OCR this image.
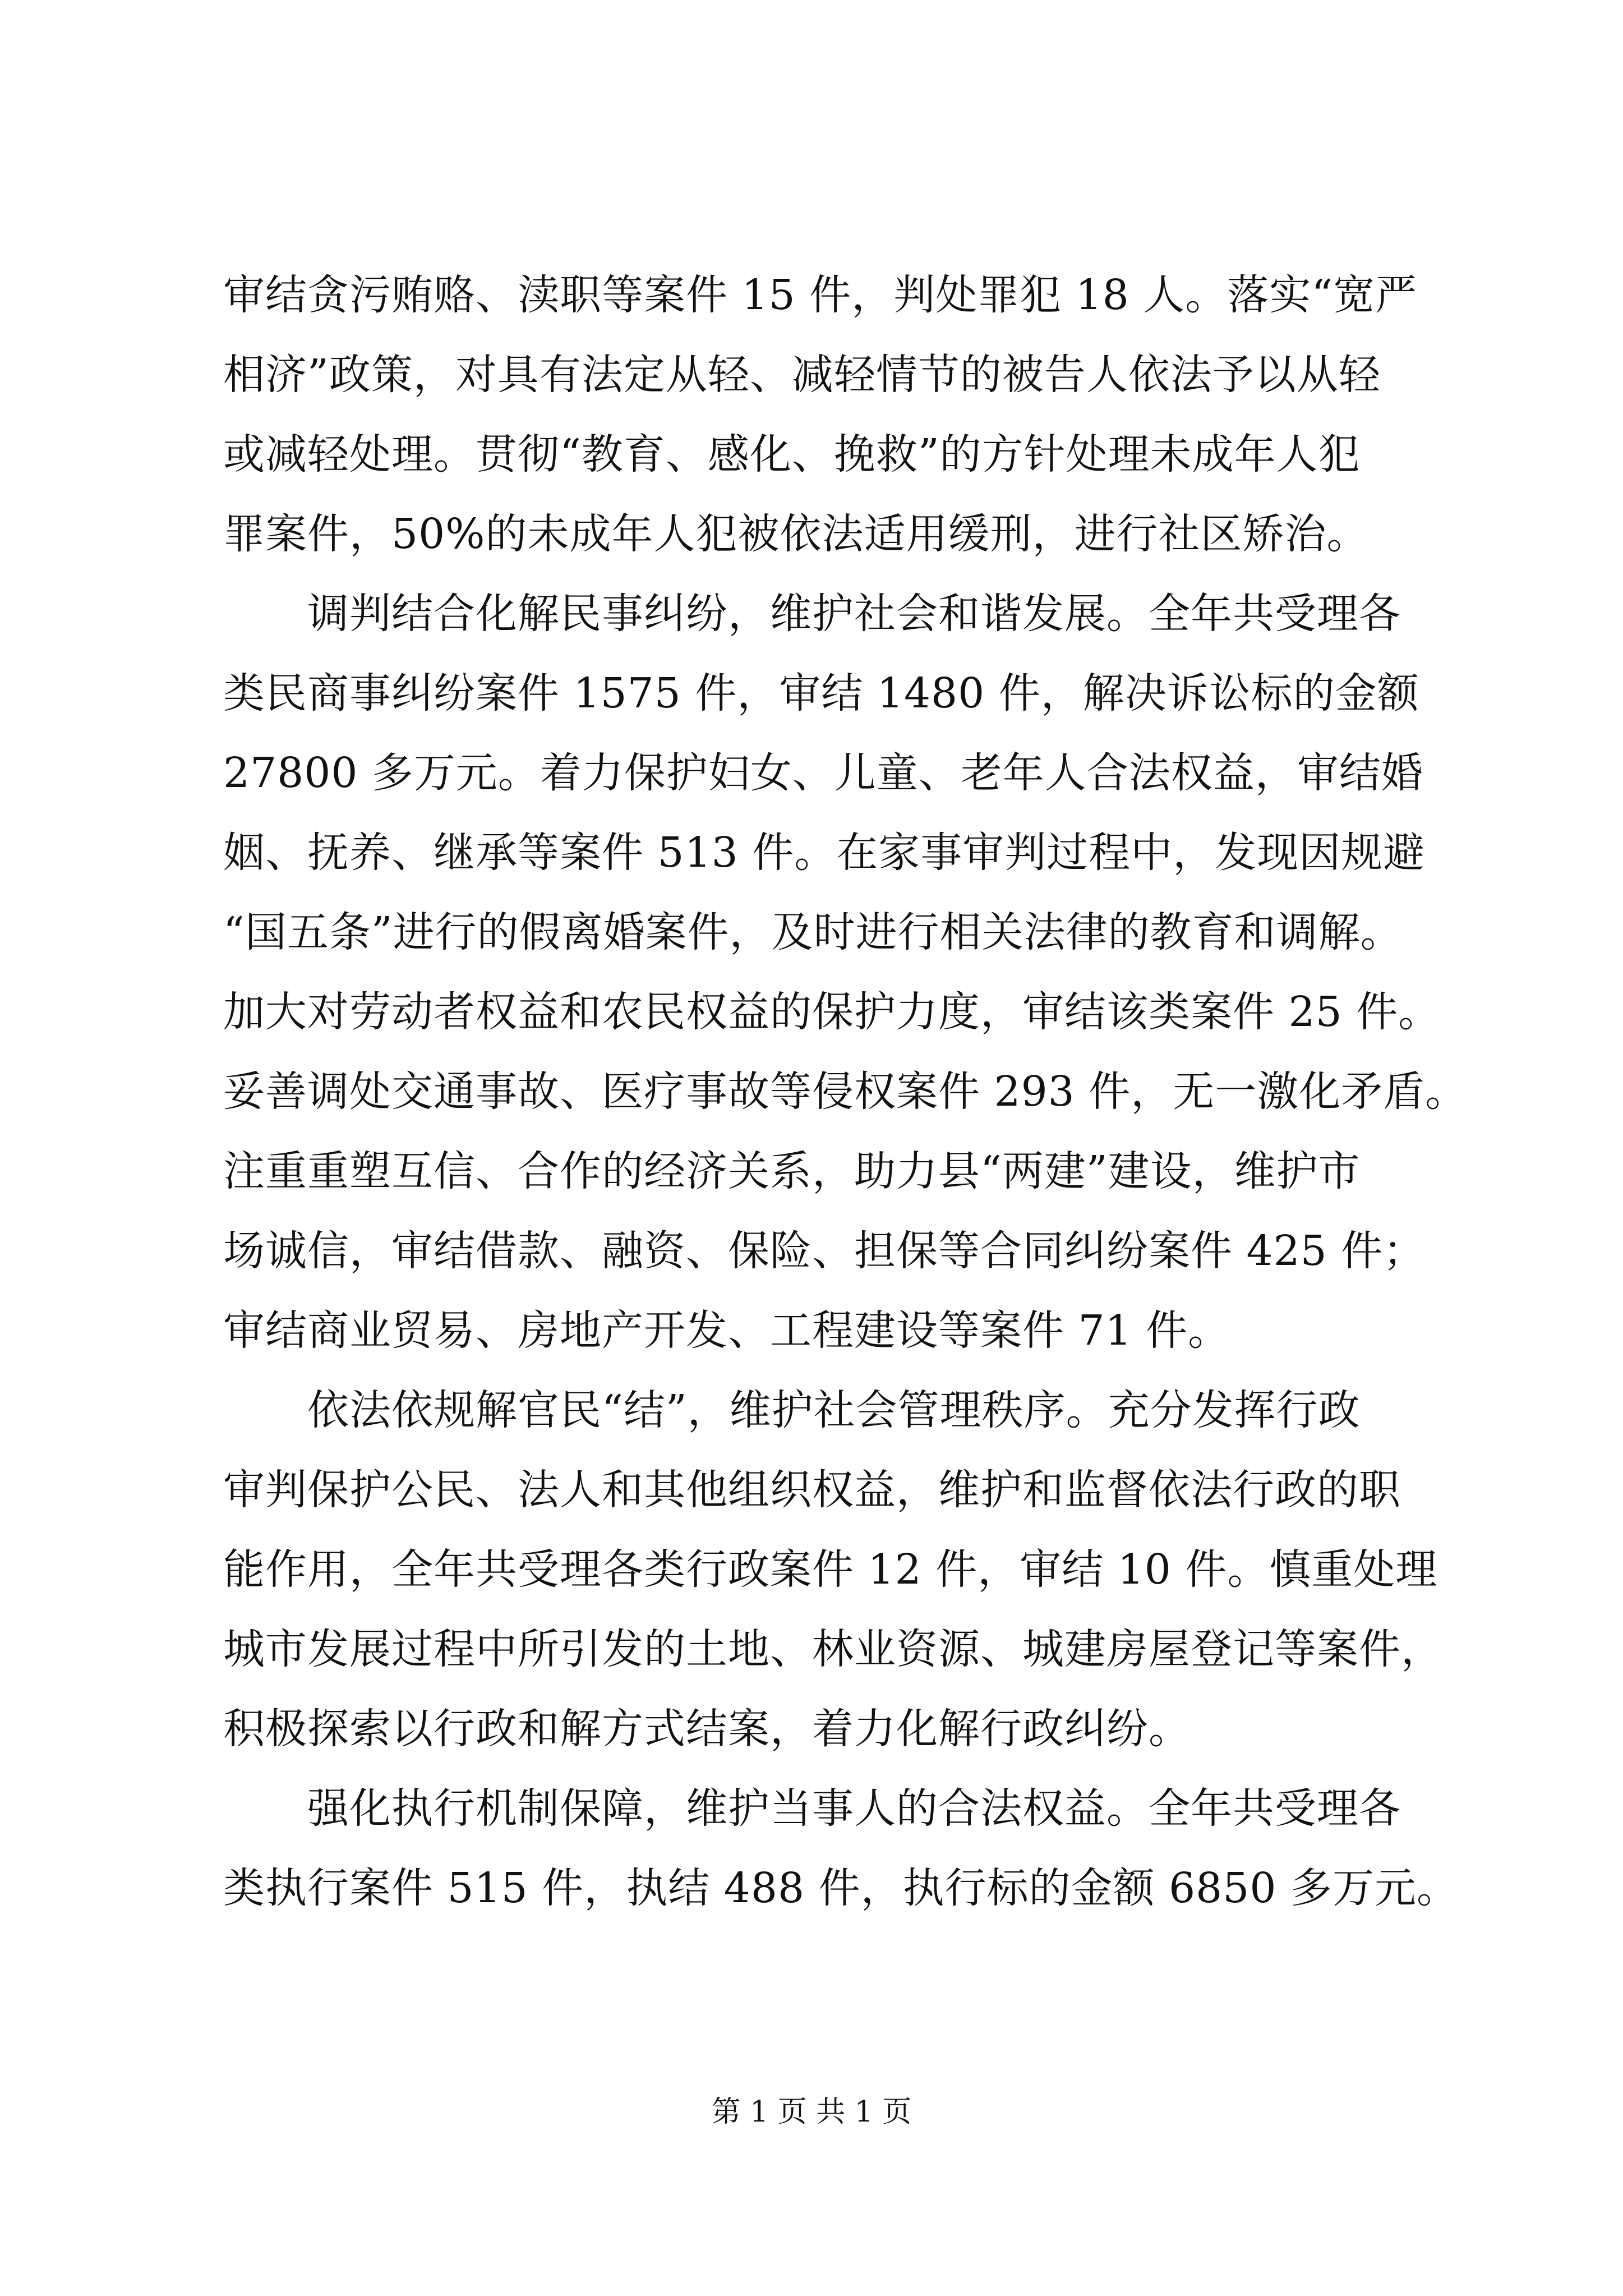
审结贪污贿赂、渎职等案件 15 件，判处罪犯 18 人。落实“宽严
相济”政策，对具有法定从轻、减轻情节的被告人依法予以从轻
或减轻处理。贯彻“教育、感化、挽救”的方针处理未成年人犯
罪案件，50%的未成年人犯被依法适用缓刑，进行社区矫治。
调判结合化解民事纠纷，维护社会和谐发展。全年共受理各
类民商事纠纷案件 1575 件，审结 1480 件，解决诉讼标的金额
27800 多万元。着力保护妇女、儿童、老年人合法权益，审结婚
姻、抚养、继承等案件 513 件。在家事审判过程中，发现因规避
“国五条”进行的假离婚案件，及时进行相关法律的教育和调解。
加大对劳动者权益和农民权益的保护力度，审结该类案件 25 件。
妥善调处交通事故、医疗事故等侵权案件 293 件，无一激化矛盾。
注重重塑互信、合作的经济关系，助力县“两建”建设，维护市
场诚信，审结借款、融资、保险、担保等合同纠纷案件 425 件；
审结商业贸易、房地产开发、工程建设等案件 71 件。
依法依规解官民“结”，维护社会管理秩序。充分发挥行政
审判保护公民、法人和其他组织权益，维护和监督依法行政的职
能作用，全年共受理各类行政案件 12 件，审结 10 件。慎重处理
城市发展过程中所引发的土地、林业资源、城建房屋登记等案件，
积极探索以行政和解方式结案，着力化解行政纠纷。
强化执行机制保障，维护当事人的合法权益。全年共受理各
类执行案件 515 件，执结 488 件，执行标的金额 6850 多万元。
第 1 页 共 1 页
